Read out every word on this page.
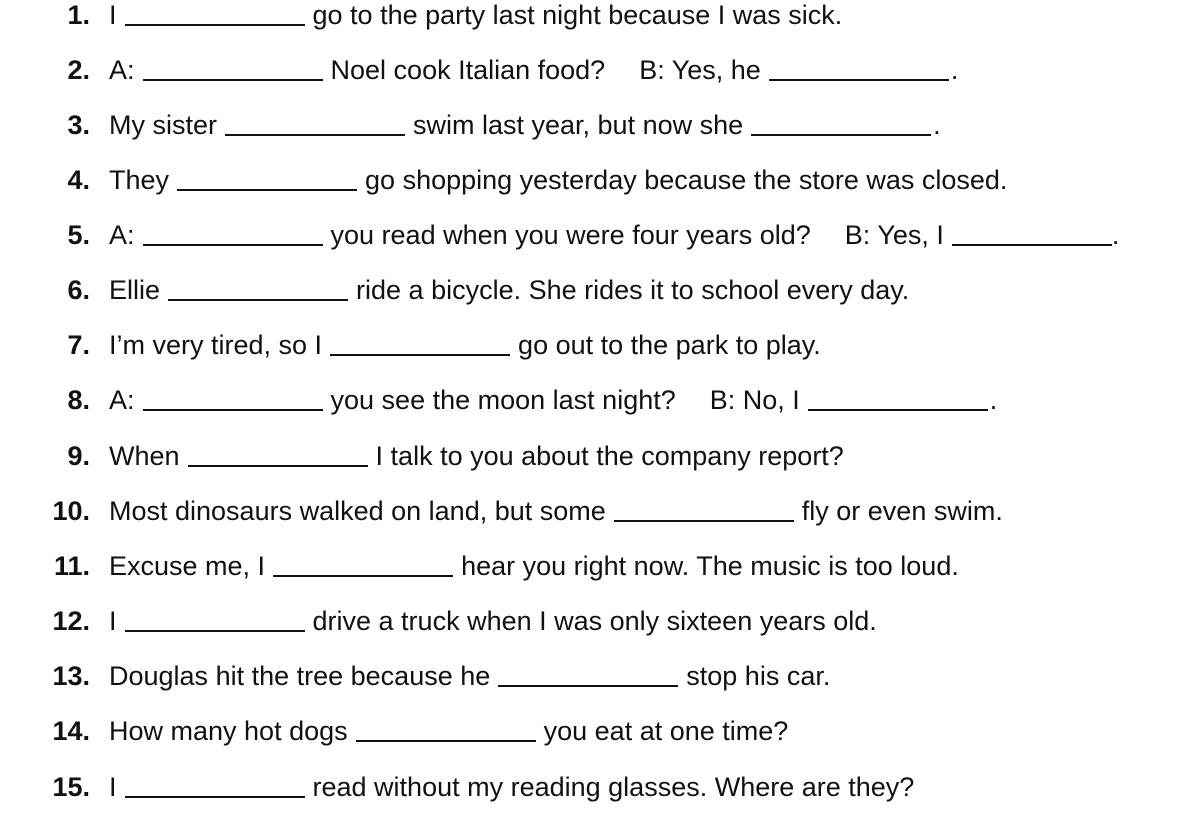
1. I	go to the party last night because I was sick.
2. A:	Noel cook Italian food? B: Yes, he	.
3. My sister	swim last year, but now she	.
4. They	go shopping yesterday because the store was closed.
5. A:	you read when you were four years old? B: Yes, I	.
6. Ellie	ride a bicycle. She rides it to school every day.
7. I’m very tired, so I	go out to the park to play.
8. A:	you see the moon last night? B: No, I	.
9. When	I talk to you about the company report?
10. Most dinosaurs walked on land, but some	fly or even swim.
11. Excuse me, I	hear you right now. The music is too loud.
12. I	drive a truck when I was only sixteen years old.
13. Douglas hit the tree because he	stop his car.
14. How many hot dogs	you eat at one time?
15. I	read without my reading glasses. Where are they?
